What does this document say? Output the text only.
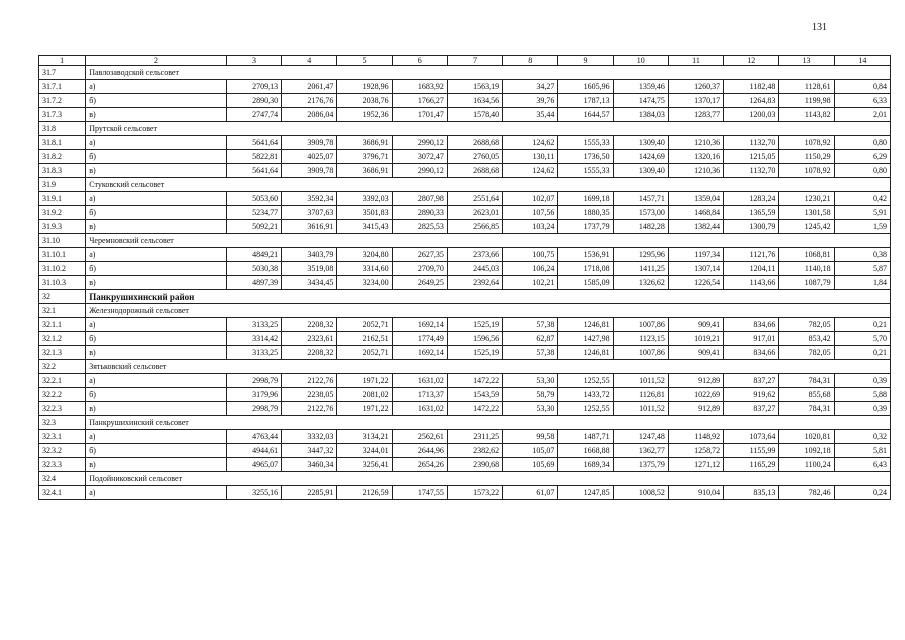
131
1	2	3	4	5	6	7	8	9	10	11	12	13	14
31.7	Павлозаводской сельсовет												
31.7.1	а)	2709,13	2061,47	1928,96	1683,92	1563,19	34,27	1605,96	1359,46	1260,37	1182,48	1128,61	0,84
31.7.2	б)	2890,30	2176,76	2038,76	1766,27	1634,56	39,76	1787,13	1474,75	1370,17	1264,83	1199,98	6,33
31.7.3	в)	2747,74	2086,04	1952,36	1701,47	1578,40	35,44	1644,57	1384,03	1283,77	1200,03	1143,82	2,01
31.8	Прутской сельсовет												
31.8.1	а)	5641,64	3909,78	3686,91	2990,12	2688,68	124,62	1555,33	1309,40	1210,36	1132,70	1078,92	0,80
31.8.2	б)	5822,81	4025,07	3796,71	3072,47	2760,05	130,11	1736,50	1424,69	1320,16	1215,05	1150,29	6,29
31.8.3	в)	5641,64	3909,78	3686,91	2990,12	2688,68	124,62	1555,33	1309,40	1210,36	1132,70	1078,92	0,80
31.9	Стуковский сельсовет												
31.9.1	а)	5053,60	3592,34	3392,03	2807,98	2551,64	102,07	1699,18	1457,71	1359,04	1283,24	1230,21	0,42
31.9.2	б)	5234,77	3707,63	3501,83	2890,33	2623,01	107,56	1880,35	1573,00	1468,84	1365,59	1301,58	5,91
31.9.3	в)	5092,21	3616,91	3415,43	2825,53	2566,85	103,24	1737,79	1482,28	1382,44	1300,79	1245,42	1,59
31.10	Черемновский сельсовет												
31.10.1	а)	4849,21	3403,79	3204,80	2627,35	2373,66	100,75	1536,91	1295,96	1197,34	1121,76	1068,81	0,38
31.10.2	б)	5030,38	3519,08	3314,60	2709,70	2445,03	106,24	1718,08	1411,25	1307,14	1204,11	1140,18	5,87
31.10.3	в)	4897,39	3434,45	3234,00	2649,25	2392,64	102,21	1585,09	1326,62	1226,54	1143,66	1087,79	1,84
32	Панкрушихинский район												
32.1	Железнодорожный сельсовет												
32.1.1	а)	3133,25	2208,32	2052,71	1692,14	1525,19	57,38	1246,81	1007,86	909,41	834,66	782,05	0,21
32.1.2	б)	3314,42	2323,61	2162,51	1774,49	1596,56	62,87	1427,98	1123,15	1019,21	917,01	853,42	5,70
32.1.3	в)	3133,25	2208,32	2052,71	1692,14	1525,19	57,38	1246,81	1007,86	909,41	834,66	782,05	0,21
32.2	Зятьковский сельсовет												
32.2.1	а)	2998,79	2122,76	1971,22	1631,02	1472,22	53,30	1252,55	1011,52	912,89	837,27	784,31	0,39
32.2.2	б)	3179,96	2238,05	2081,02	1713,37	1543,59	58,79	1433,72	1126,81	1022,69	919,62	855,68	5,88
32.2.3	в)	2998,79	2122,76	1971,22	1631,02	1472,22	53,30	1252,55	1011,52	912,89	837,27	784,31	0,39
32.3	Панкрушихинский сельсовет												
32.3.1	а)	4763,44	3332,03	3134,21	2562,61	2311,25	99,58	1487,71	1247,48	1148,92	1073,64	1020,81	0,32
32.3.2	б)	4944,61	3447,32	3244,01	2644,96	2382,62	105,07	1668,88	1362,77	1258,72	1155,99	1092,18	5,81
32.3.3	в)	4965,07	3460,34	3256,41	2654,26	2390,68	105,69	1689,34	1375,79	1271,12	1165,29	1100,24	6,43
32.4	Подойниковский сельсовет												
32.4.1	а)	3255,16	2285,91	2126,59	1747,55	1573,22	61,07	1247,85	1008,52	910,04	835,13	782,46	0,24
